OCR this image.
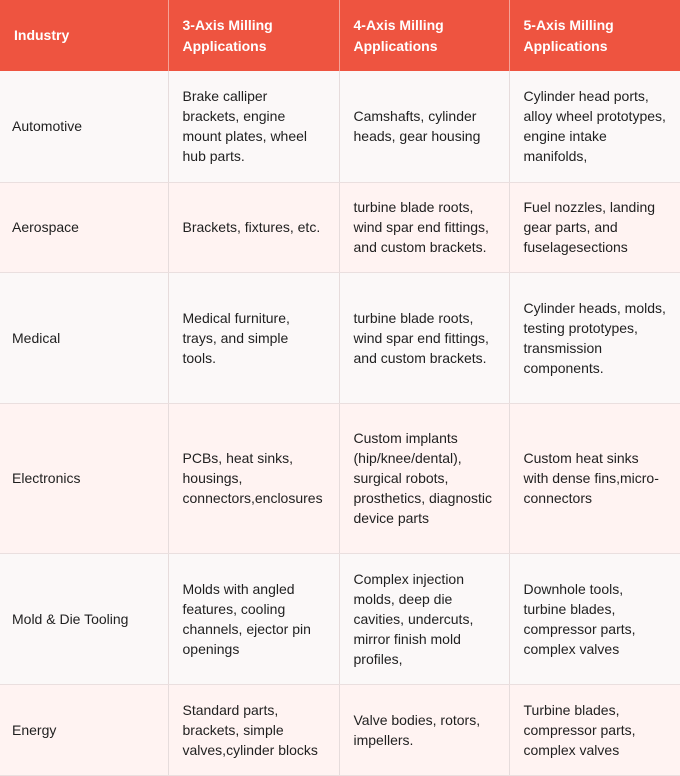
Industry	3-Axis Milling Applications	4-Axis Milling Applications	5-Axis Milling Applications
Automotive	Brake calliper brackets, engine mount plates, wheel hub parts.	Camshafts, cylinder heads, gear housing	Cylinder head ports, alloy wheel prototypes, engine intake manifolds,
Aerospace	Brackets, fixtures, etc.	turbine blade roots, wind spar end fittings, and custom brackets.	Fuel nozzles, landing gear parts, and fuselagesections
Medical	Medical furniture, trays, and simple tools.	turbine blade roots, wind spar end fittings, and custom brackets.	Cylinder heads, molds, testing prototypes, transmission components.
Electronics	PCBs, heat sinks, housings, connectors,enclosures	Custom implants (hip/knee/dental), surgical robots, prosthetics, diagnostic device parts	Custom heat sinks with dense fins,micro-connectors
Mold & Die Tooling	Molds with angled features, cooling channels, ejector pin openings	Complex injection molds, deep die cavities, undercuts, mirror finish mold profiles,	Downhole tools, turbine blades, compressor parts, complex valves
Energy	Standard parts, brackets, simple valves,cylinder blocks	Valve bodies, rotors, impellers.	Turbine blades, compressor parts, complex valves
